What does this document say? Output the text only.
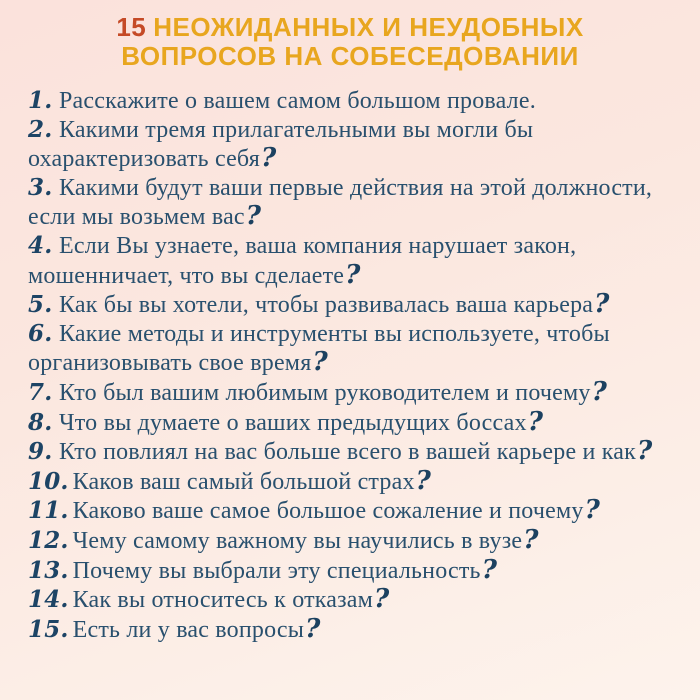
15 НЕОЖИДАННЫХ И НЕУДОБНЫХ
ВОПРОСОВ НА СОБЕСЕДОВАНИИ
1. Расскажите о вашем самом большом провале.
2. Какими тремя прилагательными вы могли бы охарактеризовать себя?
3. Какими будут ваши первые действия на этой должности, если мы возьмем вас?
4. Если Вы узнаете, ваша компания нарушает закон, мошенничает, что вы сделаете?
5. Как бы вы хотели, чтобы развивалась ваша карьера?
6. Какие методы и инструменты вы используете, чтобы организовывать свое время?
7. Кто был вашим любимым руководителем и почему?
8. Что вы думаете о ваших предыдущих боссах?
9. Кто повлиял на вас больше всего в вашей карьере и как?
10. Каков ваш самый большой страх?
11. Каково ваше самое большое сожаление и почему?
12. Чему самому важному вы научились в вузе?
13. Почему вы выбрали эту специальность?
14. Как вы относитесь к отказам?
15. Есть ли у вас вопросы?
